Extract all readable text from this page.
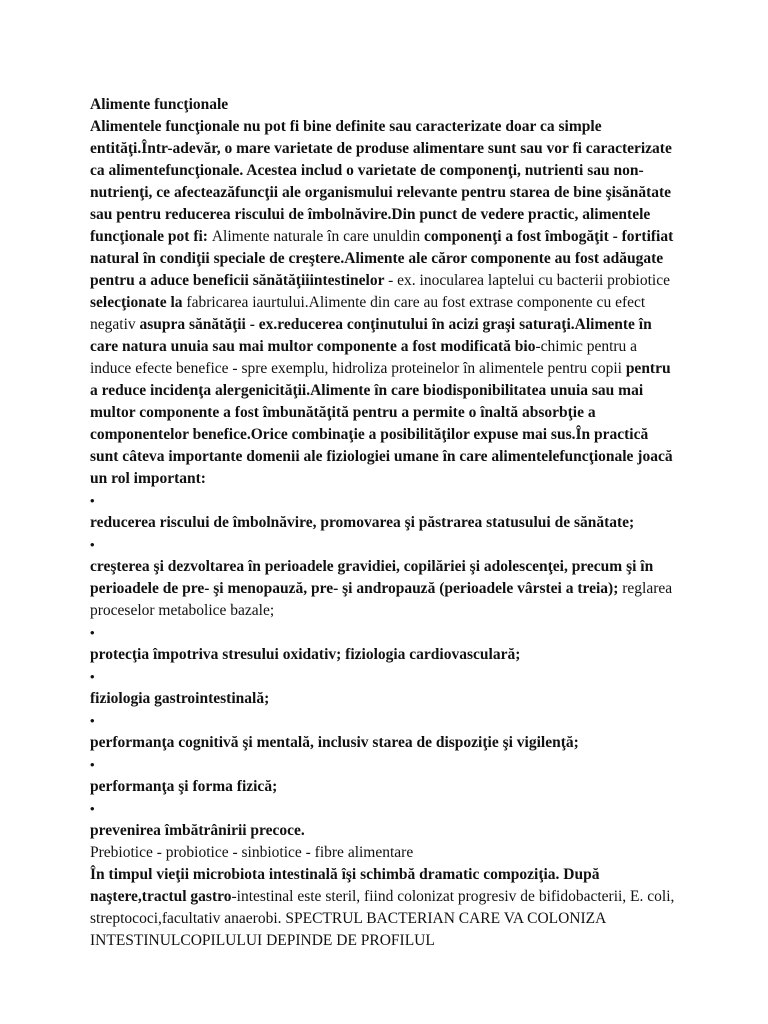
Alimente funcţionale

Alimentele funcţionale nu pot fi bine definite sau caracterizate doar ca simple entităţi.Într-adevăr, o mare varietate de produse alimentare sunt sau vor fi caracterizate ca alimentefuncţionale. Acestea includ o varietate de componenţi, nutrienti sau non-nutrienţi, ce afecteazăfuncţii ale organismului relevante pentru starea de bine şisănătate sau pentru reducerea riscului de îmbolnăvire.Din punct de vedere practic, alimentele funcţionale pot fi: Alimente naturale în care unuldin componenţi a fost îmbogăţit - fortifiat natural în condiţii speciale de creştere.Alimente ale căror componente au fost adăugate pentru a aduce beneficii sănătăţiiintestinelor - ex. inocularea laptelui cu bacterii probiotice selecţionate la fabricarea iaurtului.Alimente din care au fost extrase componente cu efect negativ asupra sănătăţii - ex.reducerea conţinutului în acizi graşi saturaţi.Alimente în care natura unuia sau mai multor componente a fost modificată bio-chimic pentru a induce efecte benefice - spre exemplu, hidroliza proteinelor în alimentele pentru copii pentru a reduce incidenţa alergenicităţii.Alimente în care biodisponibilitatea unuia sau mai multor componente a fost îmbunătăţită pentru a permite o înaltă absorbţie a componentelor benefice.Orice combinaţie a posibilităţilor expuse mai sus.În practică sunt câteva importante domenii ale fiziologiei umane în care alimentelefuncţionale joacă un rol important:

•
reducerea riscului de îmbolnăvire, promovarea şi păstrarea statusului de sănătate;
•
creşterea şi dezvoltarea în perioadele gravidiei, copilăriei şi adolescenţei, precum şi în perioadele de pre- şi menopauză, pre- şi andropauză (perioadele vârstei a treia); reglarea proceselor metabolice bazale;
•
protecţia împotriva stresului oxidativ; fiziologia cardiovasculară;
•
fiziologia gastrointestinală;
•
performanţa cognitivă şi mentală, inclusiv starea de dispoziţie şi vigilenţă;
•
performanţa şi forma fizică;
•
prevenirea îmbătrânirii precoce.
Prebiotice - probiotice - sinbiotice - fibre alimentare

În timpul vieţii microbiota intestinală îşi schimbă dramatic compoziţia. După naştere,tractul gastro-intestinal este steril, fiind colonizat progresiv de bifidobacterii, E. coli, streptococi,facultativ anaerobi. SPECTRUL BACTERIAN CARE VA COLONIZA INTESTINULCOPILULUI DEPINDE DE PROFILUL
